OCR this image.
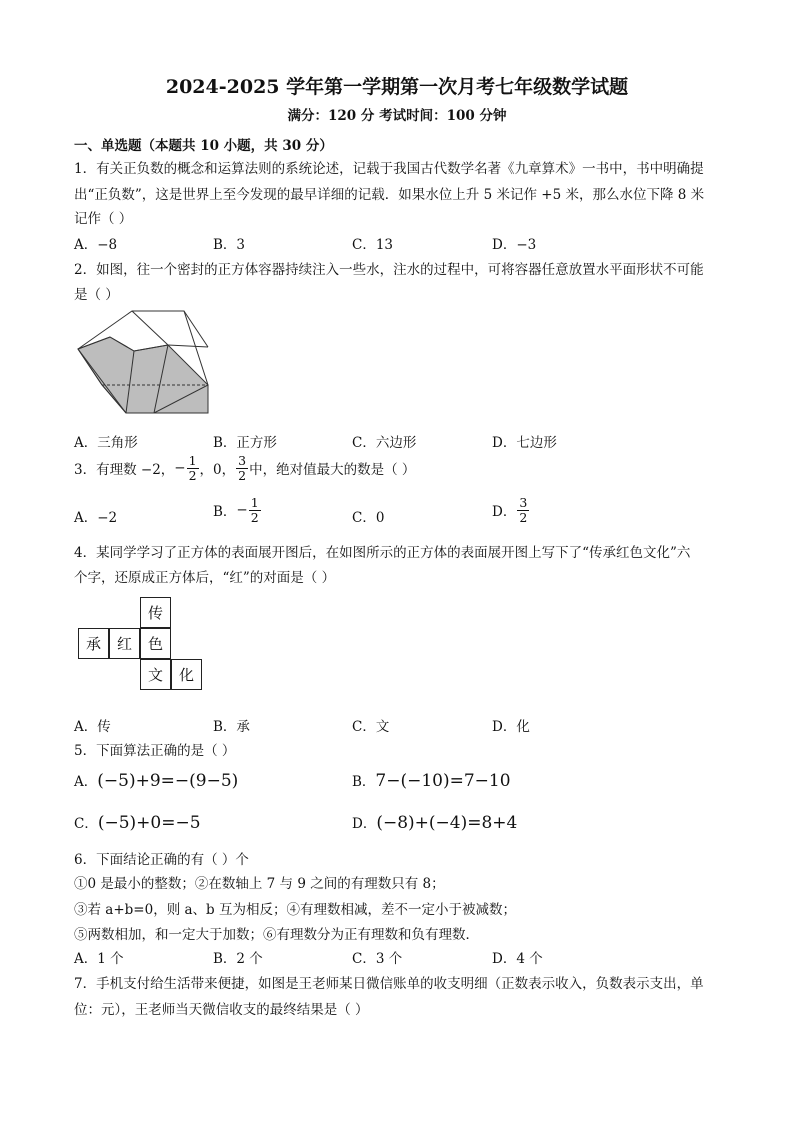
2024-2025 学年第一学期第一次月考七年级数学试题
满分：120 分 考试时间：100 分钟
一、单选题（本题共 10 小题，共 30 分）
1．有关正负数的概念和运算法则的系统论述，记载于我国古代数学名著《九章算术》一书中，书中明确提
出“正负数”，这是世界上至今发现的最早详细的记载．如果水位上升 5 米记作 +5 米，那么水位下降 8 米
记作（ ）
A．−8	B．3	C．13	D．−3
2．如图，往一个密封的正方体容器持续注入一些水，注水的过程中，可将容器任意放置水平面形状不可能
是（ ）
A．三角形	B．正方形	C．六边形	D．七边形
3．有理数 −2， − $\frac{1}{2}$ ，0， $\frac{3}{2}$ 中，绝对值最大的数是（ ）
A．−2	B． − $\frac{1}{2}$	C．0	D． $\frac{3}{2}$
4．某同学学习了正方体的表面展开图后，在如图所示的正方体的表面展开图上写下了“传承红色文化”六
个字，还原成正方体后，“红”的对面是（ ）
传
承	红	色
文	化
A．传	B．承	C．文	D．化
5．下面算法正确的是（ ）
A．(−5)+9=−(9−5)	B．7−(−10)=7−10
C．(−5)+0=−5	D．(−8)+(−4)=8+4
6．下面结论正确的有（ ）个
①0 是最小的整数；②在数轴上 7 与 9 之间的有理数只有 8；
③若 a+b=0，则 a、b 互为相反；④有理数相减，差不一定小于被减数；
⑤两数相加，和一定大于加数；⑥有理数分为正有理数和负有理数．
A．1 个	B．2 个	C．3 个	D．4 个
7．手机支付给生活带来便捷，如图是王老师某日微信账单的收支明细（正数表示收入，负数表示支出，单
位：元），王老师当天微信收支的最终结果是（ ）
